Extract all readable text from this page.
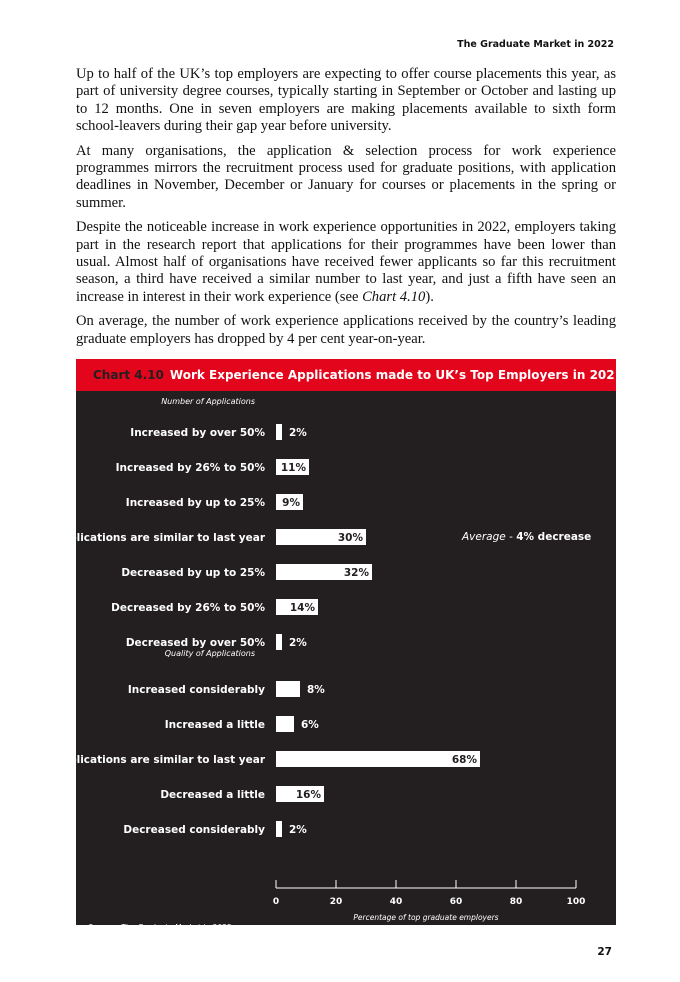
The Graduate Market in 2022

Up to half of the UK’s top employers are expecting to offer course placements this year, as part of university degree courses, typically starting in September or October and lasting up to 12 months. One in seven employers are making placements available to sixth form school-leavers during their gap year before university.

At many organisations, the application & selection process for work experience programmes mirrors the recruitment process used for graduate positions, with application deadlines in November, December or January for courses or placements in the spring or summer.

Despite the noticeable increase in work experience opportunities in 2022, employers taking part in the research report that applications for their programmes have been lower than usual. Almost half of organisations have received fewer applicants so far this recruitment season, a third have received a similar number to last year, and just a fifth have seen an increase in interest in their work experience (see Chart 4.10).

On average, the number of work experience applications received by the country’s leading graduate employers has dropped by 4 per cent year-on-year.

Chart 4.10 Work Experience Applications made to UK’s Top Employers in 2021-2022
Number of Applications
Increased by over 50% 2%
Increased by 26% to 50% 11%
Increased by up to 25% 9%
Applications are similar to last year	30%
Decreased by up to 25%	32%
Decreased by 26% to 50% 14%
Decreased by over 50% 2%
Quality of Applications
Increased considerably	8%
Increased a little	6%
Applications are similar to last year	68%
Decreased a little	16%
Decreased considerably 2%
Average - 4% decrease
0	20	40	60	80	100
Percentage of top graduate employers
Source - The Graduate Market in 2022
27
